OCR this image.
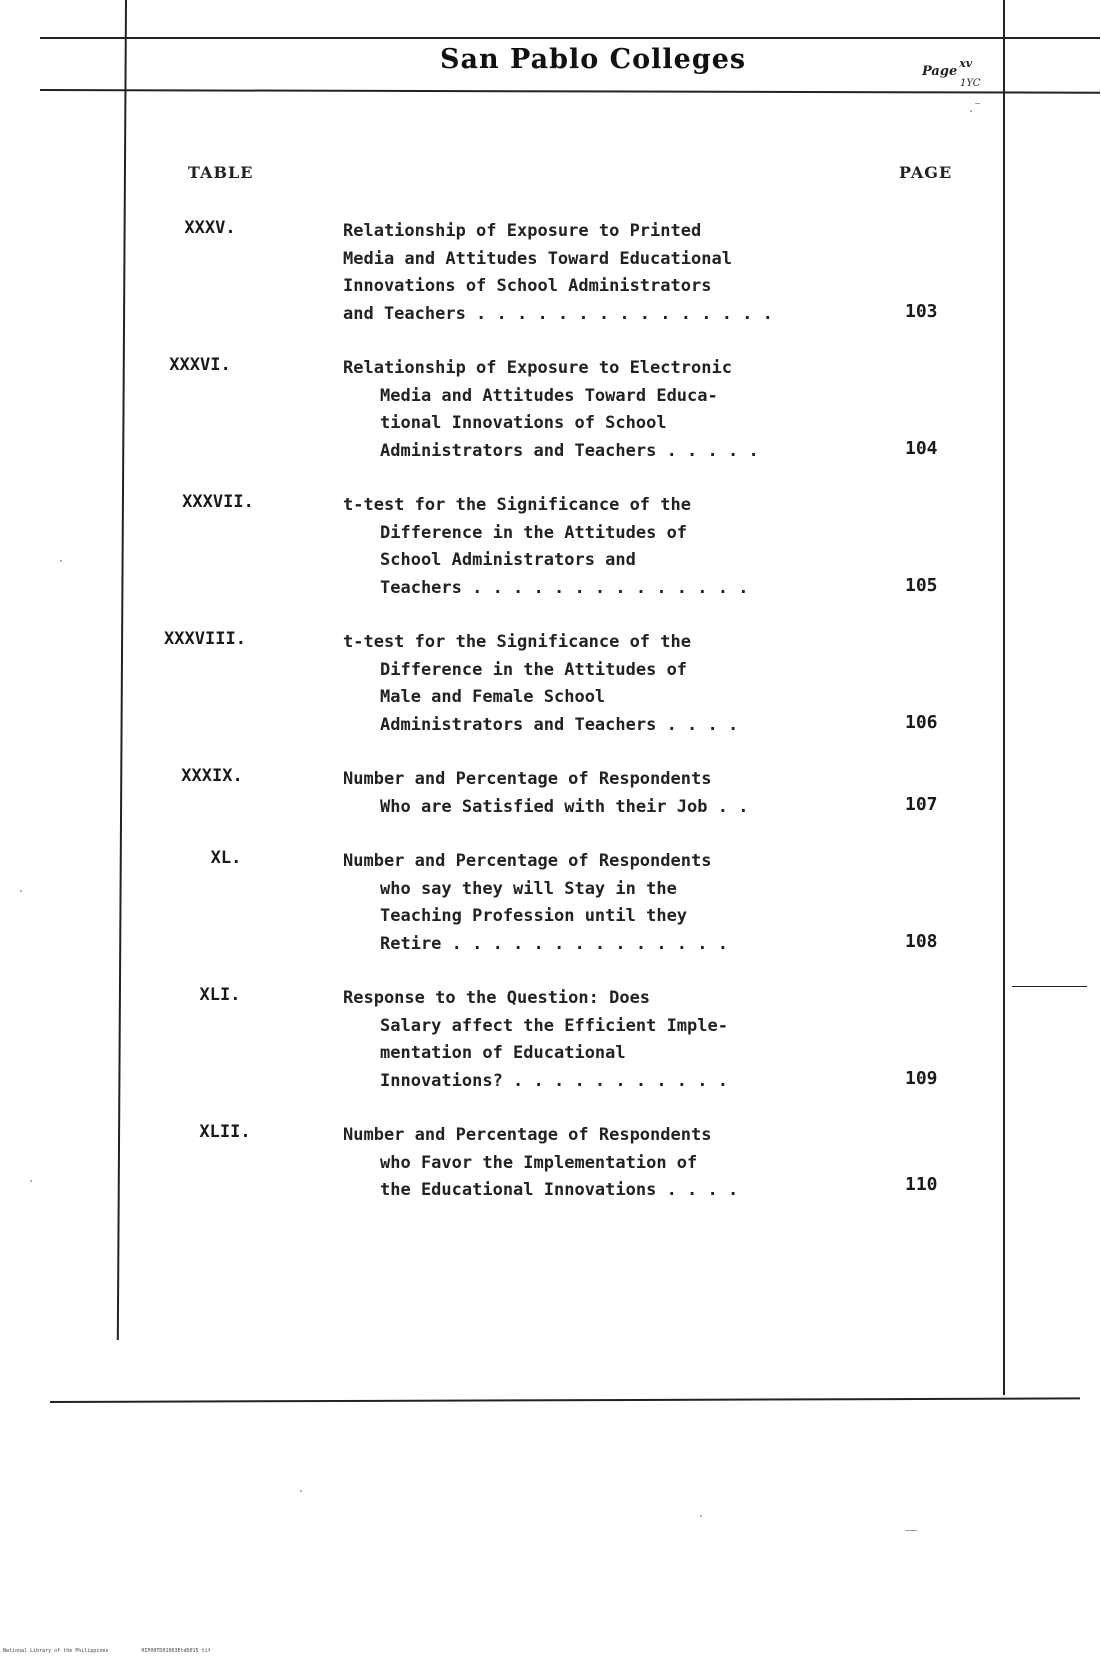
San Pablo Colleges	Page$^{xv}$
1YC
TABLE	PAGE
XXXV.	Relationship of Exposure to Printed
Media and Attitudes Toward Educational
Innovations of School Administrators
and Teachers . . . . . . . . . . . . . . .	103
XXXVI.	Relationship of Exposure to Electronic
Media and Attitudes Toward Educa-
tional Innovations of School
Administrators and Teachers . . . . .	104
XXXVII.	t-test for the Significance of the
Difference in the Attitudes of
School Administrators and
Teachers . . . . . . . . . . . . . .	105
XXXVIII.	t-test for the Significance of the
Difference in the Attitudes of
Male and Female School
Administrators and Teachers . . . .	106
XXXIX.	Number and Percentage of Respondents
Who are Satisfied with their Job . .	107
XL.	Number and Percentage of Respondents
who say they will Stay in the
Teaching Profession until they
Retire . . . . . . . . . . . . . .	108
XLI.	Response to the Question: Does
Salary affect the Efficient Imple-
mentation of Educational
Innovations? . . . . . . . . . . .	109
XLII.	Number and Percentage of Respondents
who Favor the Implementation of
the Educational Innovations . . . .	110
National Library of the Philippines	HIP00TD01063EtdD015 tif
